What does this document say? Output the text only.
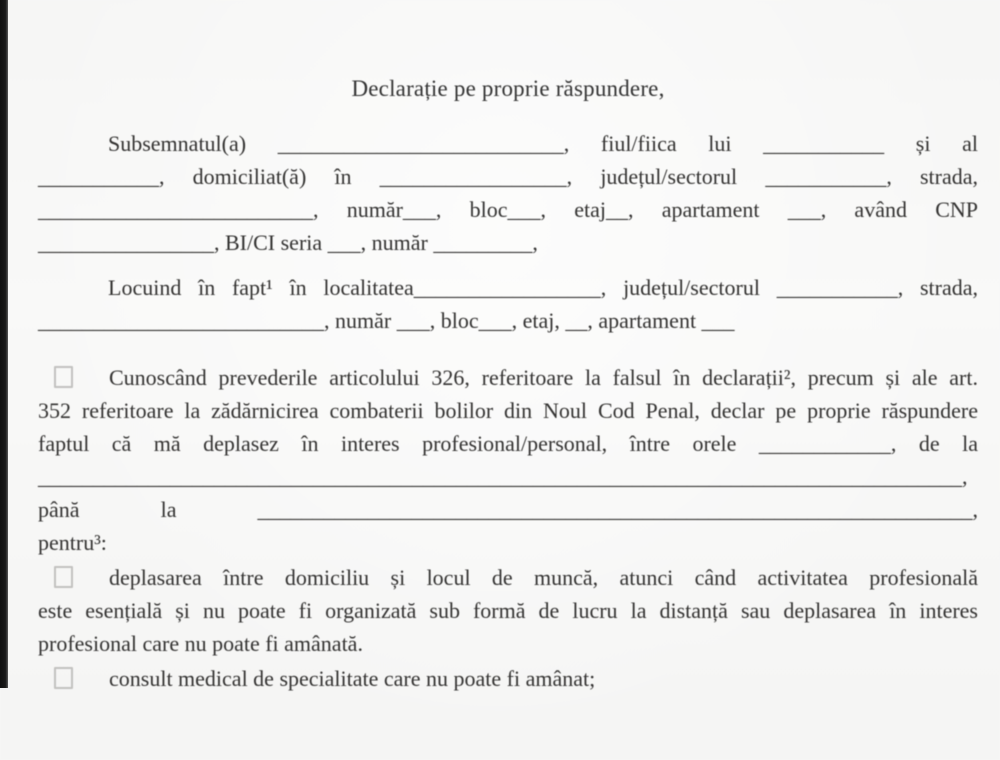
Declarație pe proprie răspundere,
Subsemnatul(a) __________________________, fiul/fiica lui ___________ și al
___________, domiciliat(ă) în _________________, județul/sectorul ___________, strada,
_________________________, număr___, bloc___, etaj__, apartament ___, având CNP
________________, BI/CI seria ___, număr _________,
Locuind în fapt¹ în localitatea_________________, județul/sectorul ___________, strada,
__________________________, număr ___, bloc___, etaj, __, apartament ___
Cunoscând prevederile articolului 326, referitoare la falsul în declarații², precum și ale art.
352 referitoare la zădărnicirea combaterii bolilor din Noul Cod Penal, declar pe proprie răspundere
faptul că mă deplasez în interes profesional/personal, între orele ____________, de la
____________________________________________________________________________________,
până la _________________________________________________________________,
pentru³:
deplasarea între domiciliu și locul de muncă, atunci când activitatea profesională
este esențială și nu poate fi organizată sub formă de lucru la distanță sau deplasarea în interes
profesional care nu poate fi amânată.
consult medical de specialitate care nu poate fi amânat;
